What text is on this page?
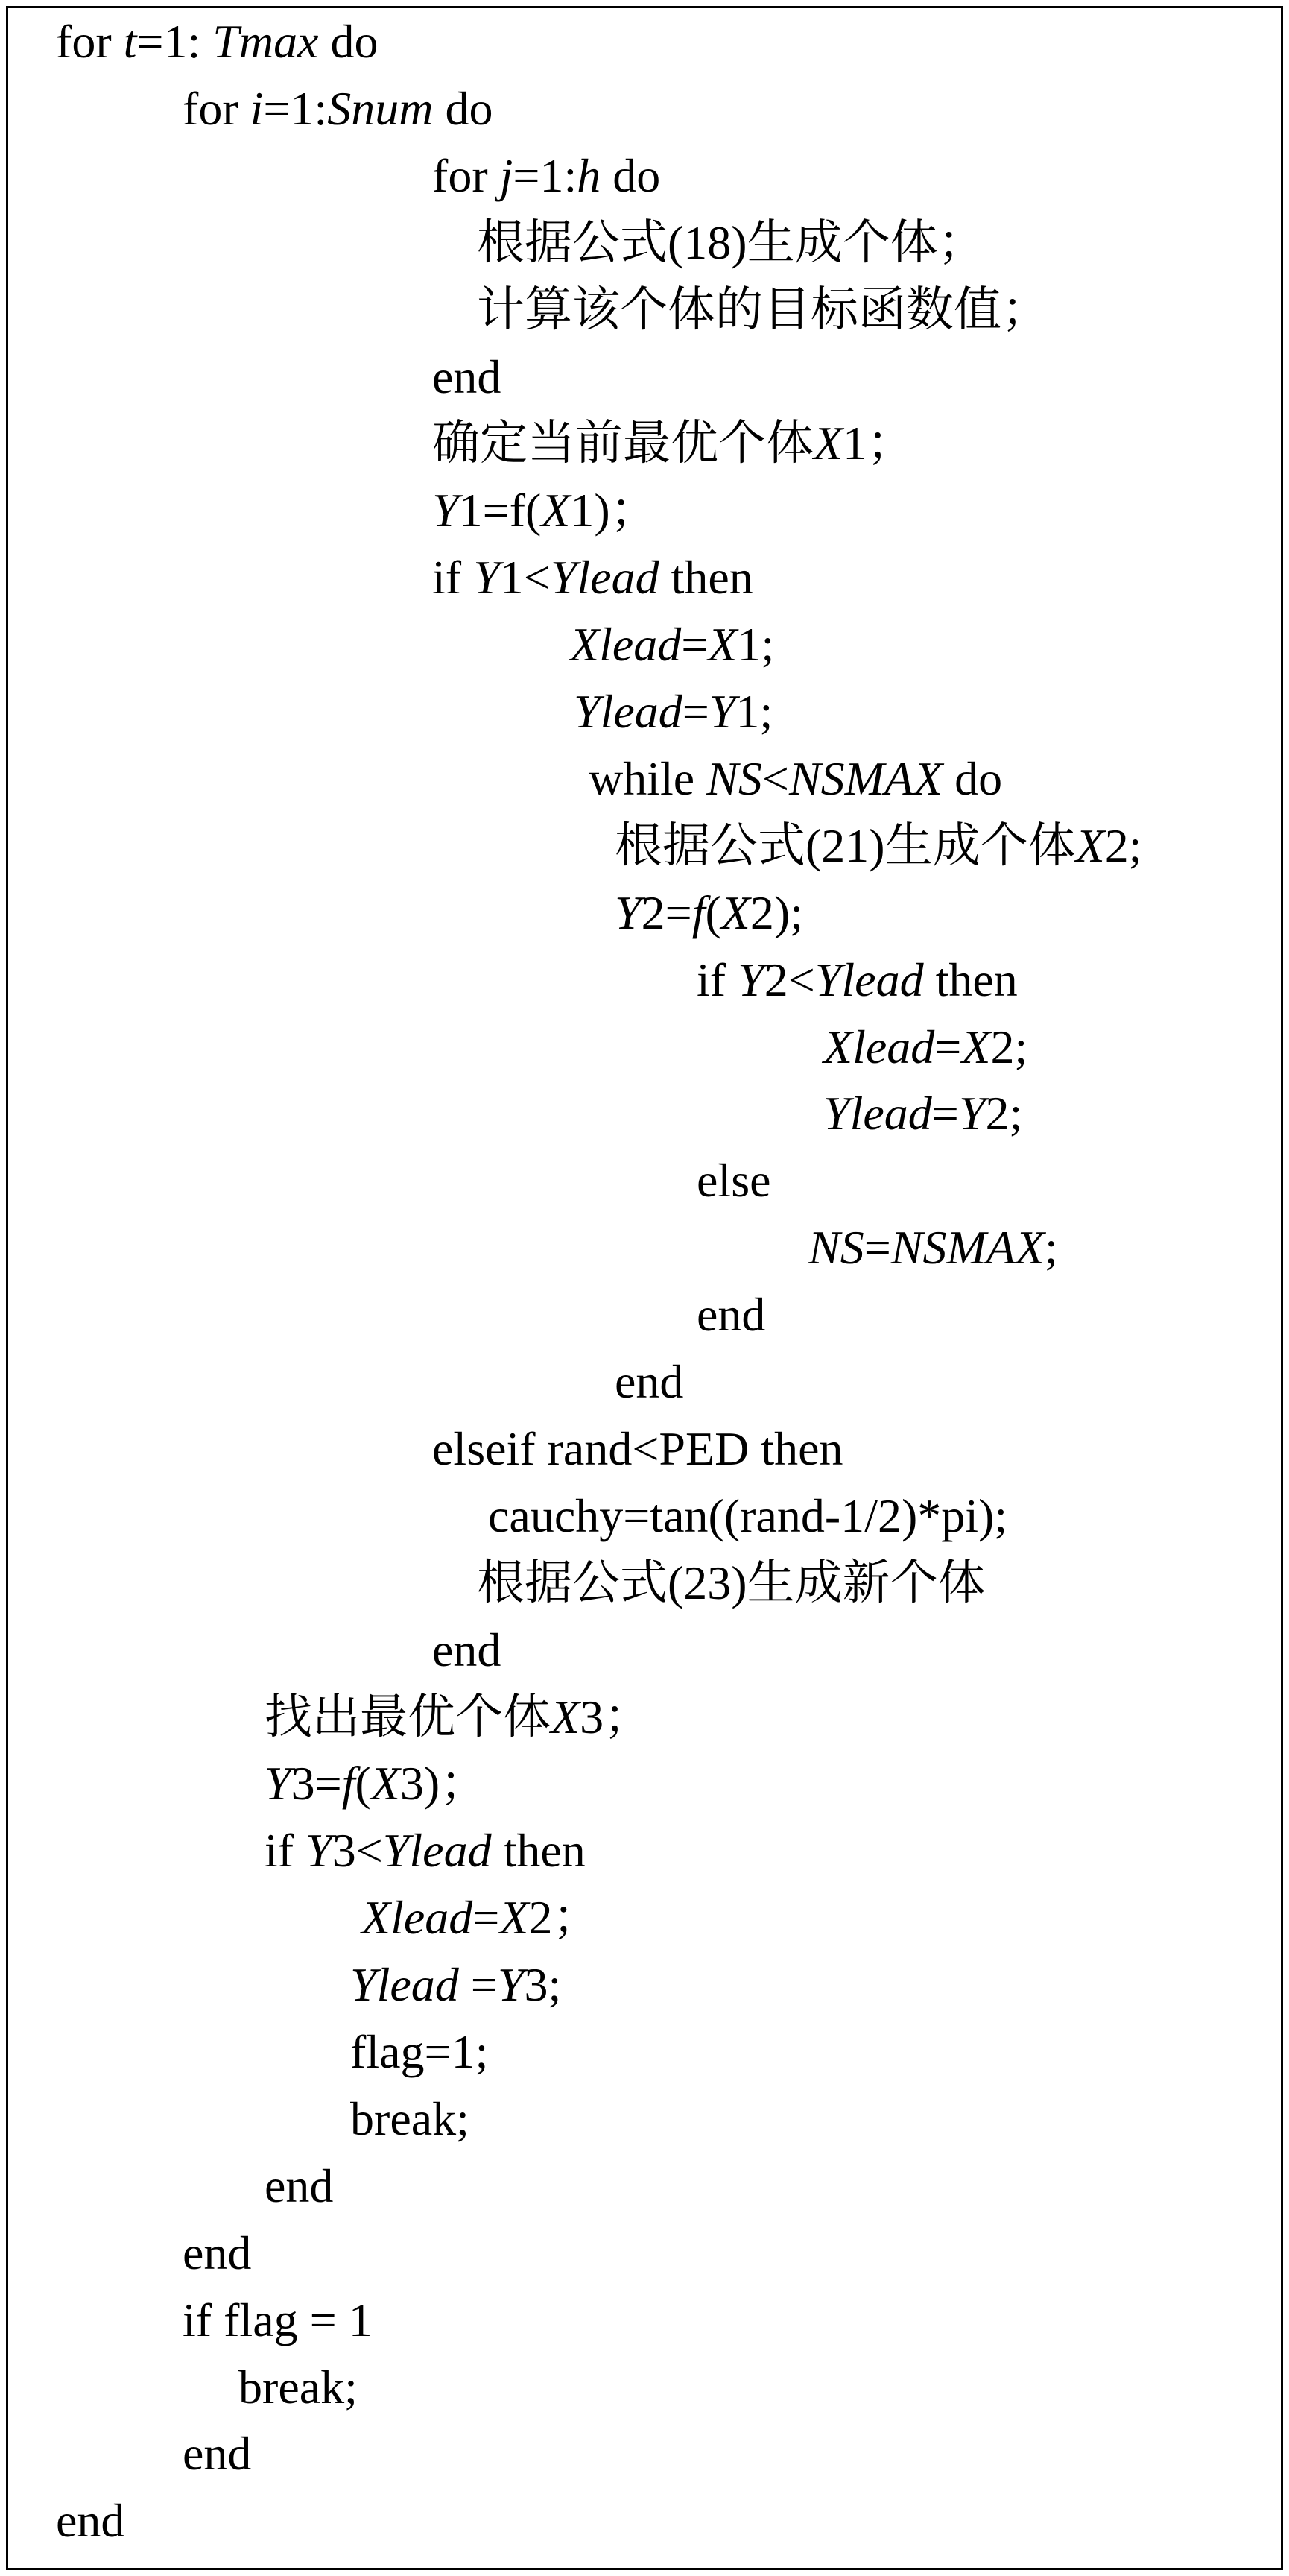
for t=1: Tmax do
for i=1:Snum do
for j=1:h do
根据公式(18)生成个体；
计算该个体的目标函数值；
end
确定当前最优个体X1；
Y1=f(X1)；
if Y1<Ylead then
Xlead=X1;
Ylead=Y1;
while NS<NSMAX do
根据公式(21)生成个体X2;
Y2=f(X2);
if Y2<Ylead then
Xlead=X2;
Ylead=Y2;
else
NS=NSMAX;
end
end
elseif rand<PED then
cauchy=tan((rand-1/2)*pi);
根据公式(23)生成新个体
end
找出最优个体X3；
Y3=f(X3)；
if Y3<Ylead then
Xlead=X2；
Ylead =Y3;
flag=1;
break;
end
end
if flag = 1
break;
end
end
